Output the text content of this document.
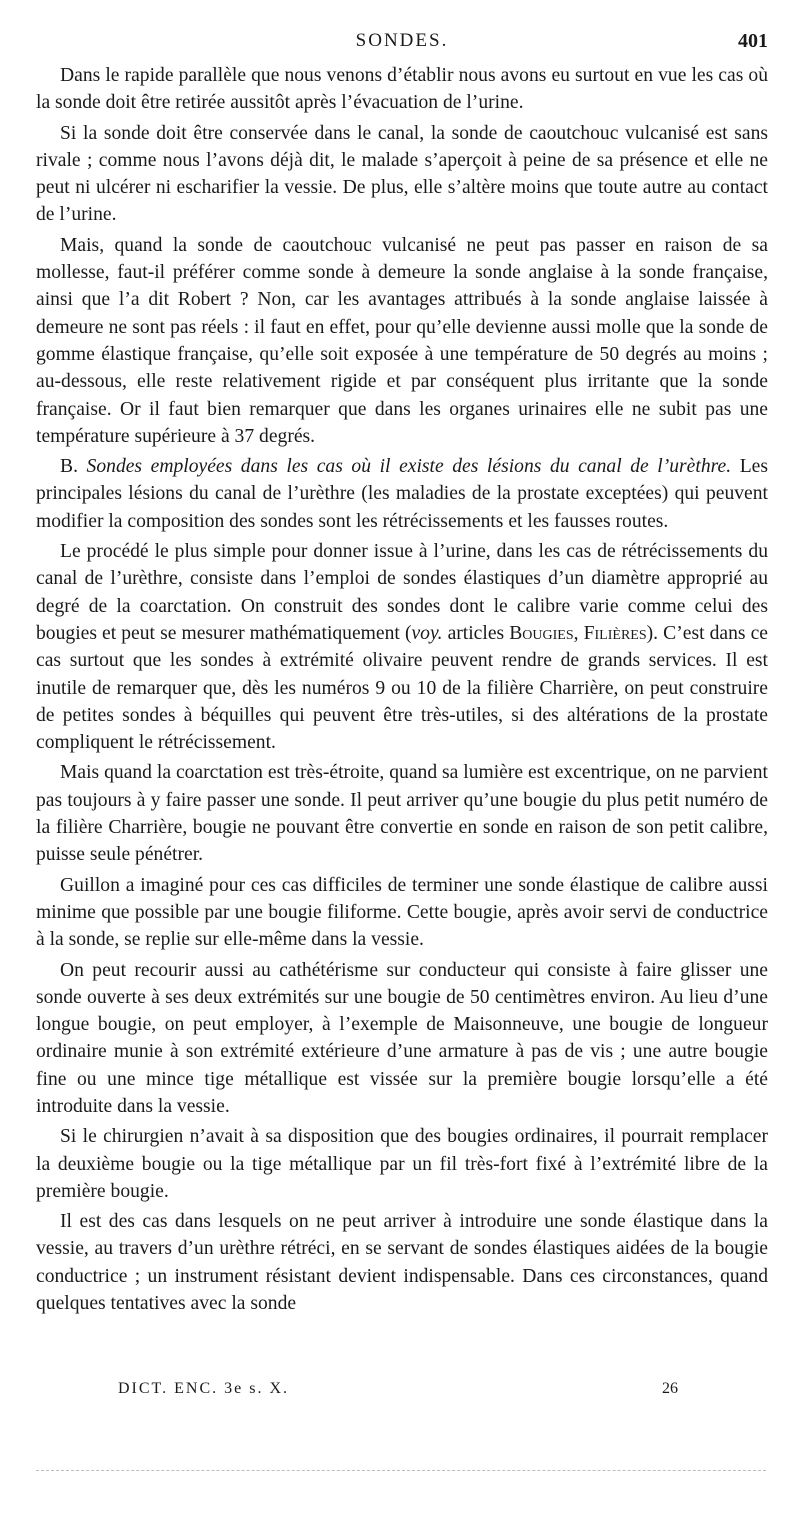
SONDES.	401

Dans le rapide parallèle que nous venons d’établir nous avons eu surtout en vue les cas où la sonde doit être retirée aussitôt après l’évacuation de l’urine.

Si la sonde doit être conservée dans le canal, la sonde de caoutchouc vulcanisé est sans rivale ; comme nous l’avons déjà dit, le malade s’aperçoit à peine de sa présence et elle ne peut ni ulcérer ni escharifier la vessie. De plus, elle s’altère moins que toute autre au contact de l’urine.

Mais, quand la sonde de caoutchouc vulcanisé ne peut pas passer en raison de sa mollesse, faut-il préférer comme sonde à demeure la sonde anglaise à la sonde française, ainsi que l’a dit Robert ? Non, car les avantages attribués à la sonde anglaise laissée à demeure ne sont pas réels : il faut en effet, pour qu’elle devienne aussi molle que la sonde de gomme élastique française, qu’elle soit exposée à une température de 50 degrés au moins ; au-dessous, elle reste relativement rigide et par conséquent plus irritante que la sonde française. Or il faut bien remarquer que dans les organes urinaires elle ne subit pas une température supérieure à 37 degrés.

B. Sondes employées dans les cas où il existe des lésions du canal de l’urèthre. Les principales lésions du canal de l’urèthre (les maladies de la prostate exceptées) qui peuvent modifier la composition des sondes sont les rétrécissements et les fausses routes.

Le procédé le plus simple pour donner issue à l’urine, dans les cas de rétrécissements du canal de l’urèthre, consiste dans l’emploi de sondes élastiques d’un diamètre approprié au degré de la coarctation. On construit des sondes dont le calibre varie comme celui des bougies et peut se mesurer mathématiquement (voy. articles Bougies, Filières). C’est dans ce cas surtout que les sondes à extrémité olivaire peuvent rendre de grands services. Il est inutile de remarquer que, dès les numéros 9 ou 10 de la filière Charrière, on peut construire de petites sondes à béquilles qui peuvent être très-utiles, si des altérations de la prostate compliquent le rétrécissement.

Mais quand la coarctation est très-étroite, quand sa lumière est excentrique, on ne parvient pas toujours à y faire passer une sonde. Il peut arriver qu’une bougie du plus petit numéro de la filière Charrière, bougie ne pouvant être convertie en sonde en raison de son petit calibre, puisse seule pénétrer.

Guillon a imaginé pour ces cas difficiles de terminer une sonde élastique de calibre aussi minime que possible par une bougie filiforme. Cette bougie, après avoir servi de conductrice à la sonde, se replie sur elle-même dans la vessie.

On peut recourir aussi au cathétérisme sur conducteur qui consiste à faire glisser une sonde ouverte à ses deux extrémités sur une bougie de 50 centimètres environ. Au lieu d’une longue bougie, on peut employer, à l’exemple de Maisonneuve, une bougie de longueur ordinaire munie à son extrémité extérieure d’une armature à pas de vis ; une autre bougie fine ou une mince tige métallique est vissée sur la première bougie lorsqu’elle a été introduite dans la vessie.

Si le chirurgien n’avait à sa disposition que des bougies ordinaires, il pourrait remplacer la deuxième bougie ou la tige métallique par un fil très-fort fixé à l’extrémité libre de la première bougie.

Il est des cas dans lesquels on ne peut arriver à introduire une sonde élastique dans la vessie, au travers d’un urèthre rétréci, en se servant de sondes élastiques aidées de la bougie conductrice ; un instrument résistant devient indispensable. Dans ces circonstances, quand quelques tentatives avec la sonde

DICT. ENC. 3e s. X.	26
